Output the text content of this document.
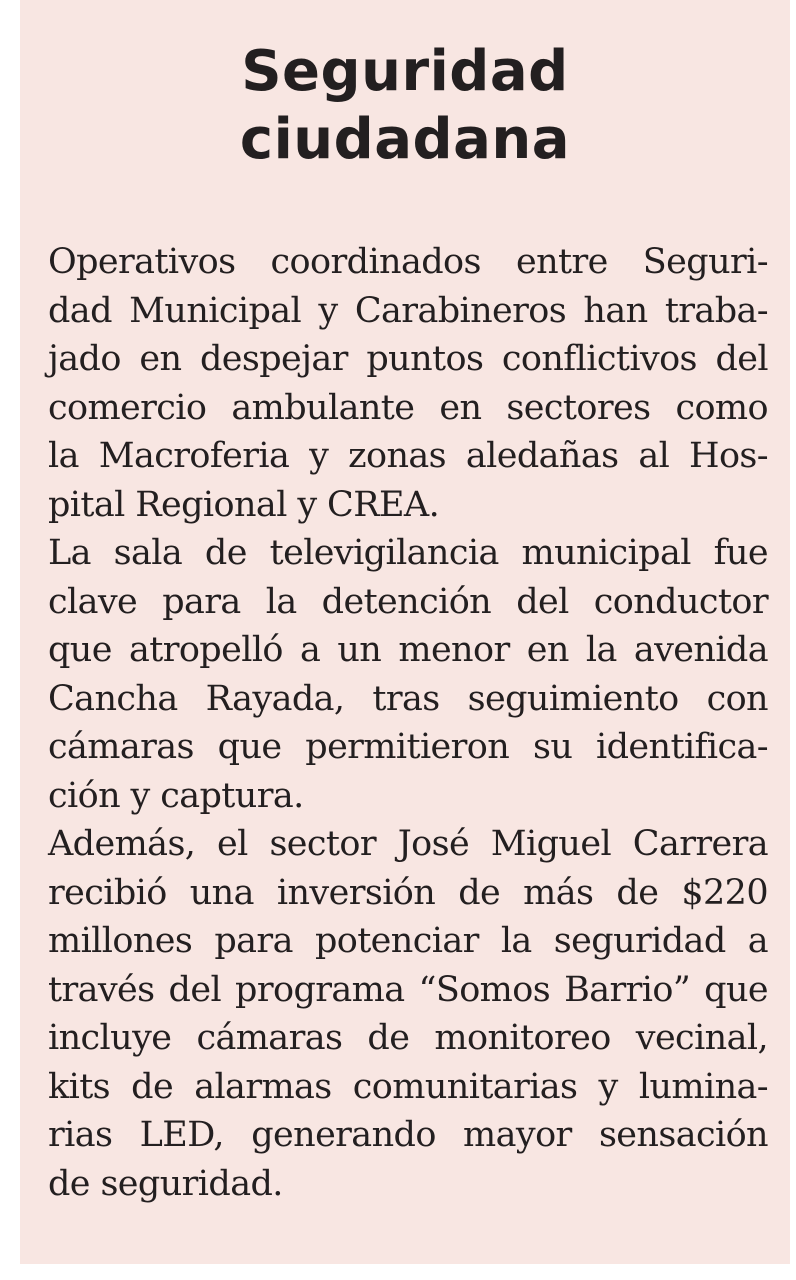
Seguridad
ciudadana
Operativos coordinados entre Seguri-
dad Municipal y Carabineros han traba-
jado en despejar puntos conflictivos del
comercio ambulante en sectores como
la Macroferia y zonas aledañas al Hos-
pital Regional y CREA.
La sala de televigilancia municipal fue
clave para la detención del conductor
que atropelló a un menor en la avenida
Cancha Rayada, tras seguimiento con
cámaras que permitieron su identifica-
ción y captura.
Además, el sector José Miguel Carrera
recibió una inversión de más de $220
millones para potenciar la seguridad a
través del programa “Somos Barrio” que
incluye cámaras de monitoreo vecinal,
kits de alarmas comunitarias y lumina-
rias LED, generando mayor sensación
de seguridad.
